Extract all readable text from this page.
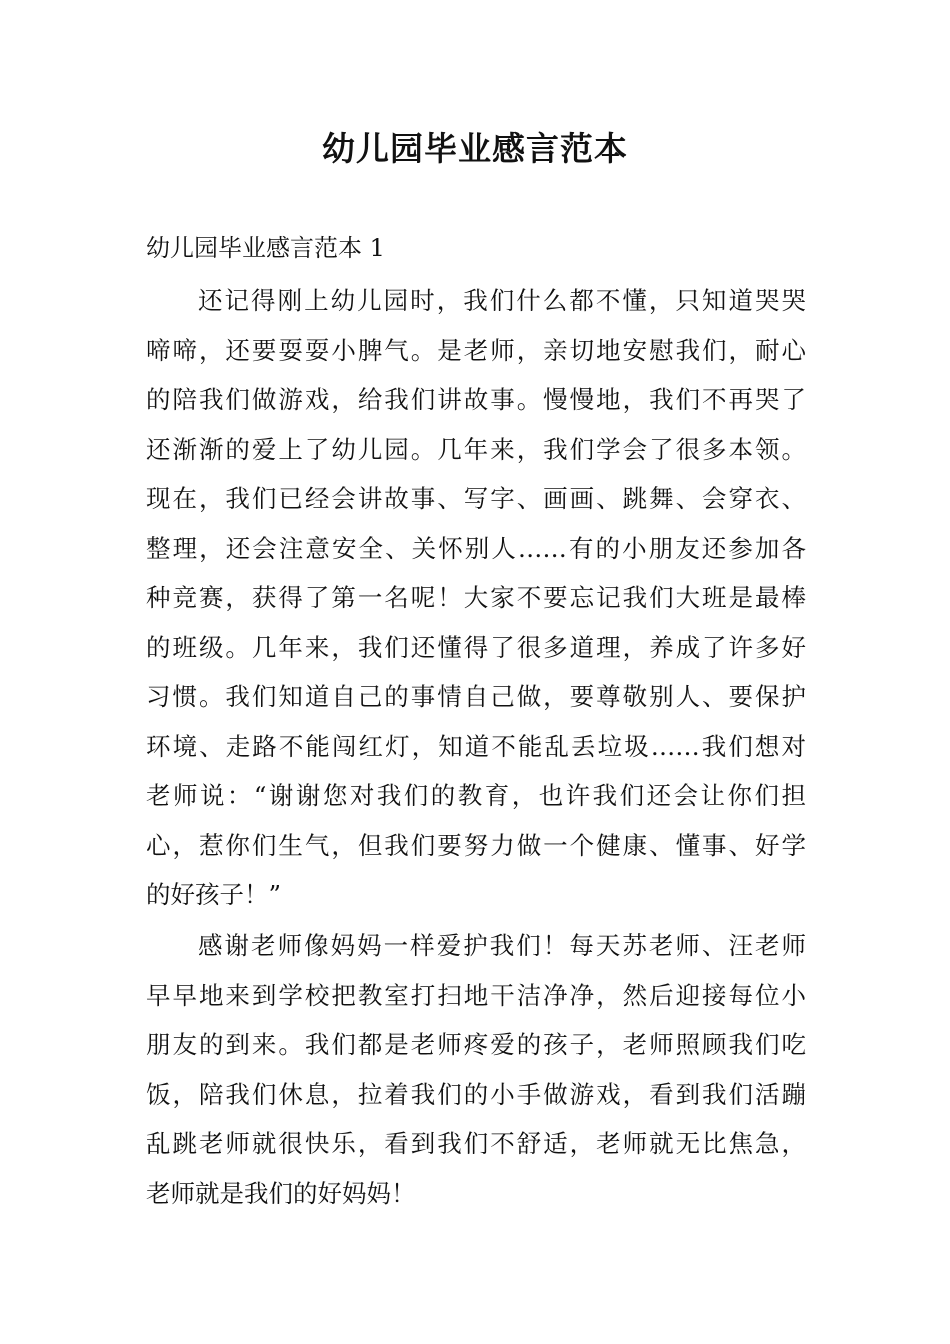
幼儿园毕业感言范本
幼儿园毕业感言范本 1
还记得刚上幼儿园时，我们什么都不懂，只知道哭哭
啼啼，还要耍耍小脾气。是老师，亲切地安慰我们，耐心
的陪我们做游戏，给我们讲故事。慢慢地，我们不再哭了
还渐渐的爱上了幼儿园。几年来，我们学会了很多本领。
现在，我们已经会讲故事、写字、画画、跳舞、会穿衣、
整理，还会注意安全、关怀别人……有的小朋友还参加各
种竞赛，获得了第一名呢！大家不要忘记我们大班是最棒
的班级。几年来，我们还懂得了很多道理，养成了许多好
习惯。我们知道自己的事情自己做，要尊敬别人、要保护
环境、走路不能闯红灯，知道不能乱丢垃圾……我们想对
老师说：“谢谢您对我们的教育，也许我们还会让你们担
心，惹你们生气，但我们要努力做一个健康、懂事、好学
的好孩子！”
感谢老师像妈妈一样爱护我们！每天苏老师、汪老师
早早地来到学校把教室打扫地干洁净净，然后迎接每位小
朋友的到来。我们都是老师疼爱的孩子，老师照顾我们吃
饭，陪我们休息，拉着我们的小手做游戏，看到我们活蹦
乱跳老师就很快乐，看到我们不舒适，老师就无比焦急，
老师就是我们的好妈妈！
